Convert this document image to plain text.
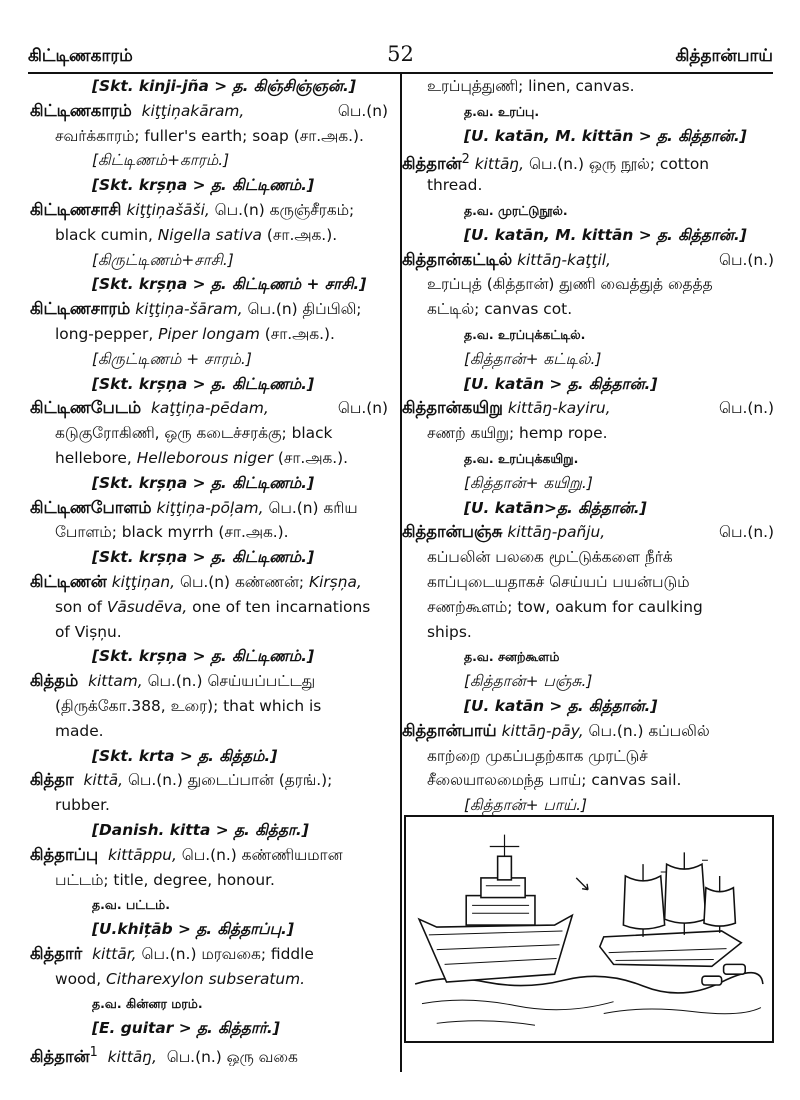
கிட்டிணகாரம்	52	கித்தான்பாய்
[Skt. kinji-jña > த. கிஞ்சிஞ்ஞன்.]
கிட்டிணகாரம் kiţţiņakāram,	பெ.(n)
சவர்க்காரம்; fuller's earth; soap (சா.அக.).
[கிட்டிணம்+காரம்.]
[Skt. krșņa > த. கிட்டிணம்.]
கிட்டிணசாசி kiţţiņašāši, பெ.(n) கருஞ்சீரகம்;
black cumin, Nigella sativa (சா.அக.).
[கிருட்டிணம்+சாசி.]
[Skt. krșņa > த. கிட்டிணம் + சாசி.]
கிட்டிணசாரம் kiţţiņa-šāram, பெ.(n) திப்பிலி;
long-pepper, Piper longam (சா.அக.).
[கிருட்டிணம் + சாரம்.]
[Skt. krșņa > த. கிட்டிணம்.]
கிட்டிணபேடம் kaţţiņa-pēdam,	பெ.(n)
கடுகுரோகிணி, ஒரு கடைச்சரக்கு; black
hellebore, Helleborous niger (சா.அக.).
[Skt. krșņa > த. கிட்டிணம்.]
கிட்டிணபோளம் kiţţiņa-pōļam, பெ.(n) கரிய
போளம்; black myrrh (சா.அக.).
[Skt. krșņa > த. கிட்டிணம்.]
கிட்டிணன் kiţţiņan, பெ.(n) கண்ணன்; Kirșņa,
son of Vāsudēva, one of ten incarnations
of Vișņu.
[Skt. krșņa > த. கிட்டிணம்.]
கித்தம் kittam, பெ.(n.) செய்யப்பட்டது
(திருக்கோ.388, உரை); that which is
made.
[Skt. krta > த. கித்தம்.]
கித்தா kittā, பெ.(n.) துடைப்பான் (தரங்.);
rubber.
[Danish. kitta > த. கித்தா.]
கித்தாப்பு kittāppu, பெ.(n.) கண்ணியமான
பட்டம்; title, degree, honour.
த.வ. பட்டம்.
[U.khițāb > த. கித்தாப்பு.]
கித்தார் kittār, பெ.(n.) மரவகை; fiddle
wood, Citharexylon subseratum.
த.வ. கின்னர மரம்.
[E. guitar > த. கித்தார்.]
கித்தான்$^1$ kittāŋ, பெ.(n.) ஒரு வகை
உரப்புத்துணி; linen, canvas.
த.வ. உரப்பு.
[U. katān, M. kittān > த. கித்தான்.]
கித்தான்$^2$ kittāŋ, பெ.(n.) ஒரு நூல்; cotton
thread.
த.வ. முரட்டுநூல்.
[U. katān, M. kittān > த. கித்தான்.]
கித்தான்கட்டில் kittāŋ-kaţţil,	பெ.(n.)
உரப்புத் (கித்தான்) துணி வைத்துத் தைத்த
கட்டில்; canvas cot.
த.வ. உரப்புக்கட்டில்.
[கித்தான்+ கட்டில்.]
[U. katān > த. கித்தான்.]
கித்தான்கயிறு kittāŋ-kayiru,	பெ.(n.)
சணற் கயிறு; hemp rope.
த.வ. உரப்புக்கயிறு.
[கித்தான்+ கயிறு.]
[U. katān>த. கித்தான்.]
கித்தான்பஞ்சு kittāŋ-pañju,	பெ.(n.)
கப்பலின் பலகை மூட்டுக்களை நீர்க்
காப்புடையதாகச் செய்யப் பயன்படும்
சணற்கூளம்; tow, oakum for caulking
ships.
த.வ. சனற்கூளம்
[கித்தான்+ பஞ்சு.]
[U. katān > த. கித்தான்.]
கித்தான்பாய் kittāŋ-pāy, பெ.(n.) கப்பலில்
காற்றை முகப்பதற்காக முரட்டுச்
சீலையாலமைந்த பாய்; canvas sail.
[கித்தான்+ பாய்.]
